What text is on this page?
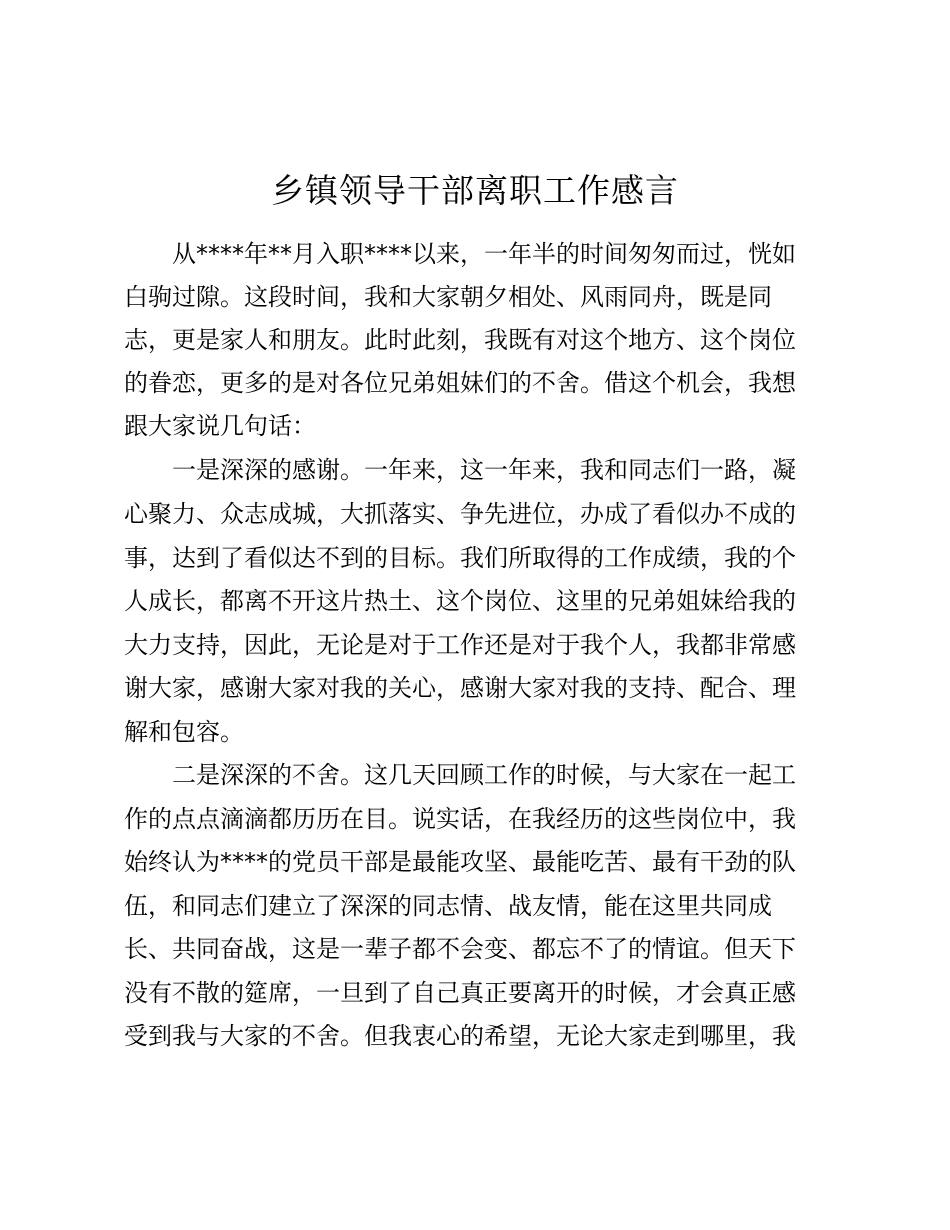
乡镇领导干部离职工作感言
从****年**月入职****以来，一年半的时间匆匆而过，恍如
白驹过隙。这段时间，我和大家朝夕相处、风雨同舟，既是同
志，更是家人和朋友。此时此刻，我既有对这个地方、这个岗位
的眷恋，更多的是对各位兄弟姐妹们的不舍。借这个机会，我想
跟大家说几句话：
一是深深的感谢。一年来，这一年来，我和同志们一路，凝
心聚力、众志成城，大抓落实、争先进位，办成了看似办不成的
事，达到了看似达不到的目标。我们所取得的工作成绩，我的个
人成长，都离不开这片热土、这个岗位、这里的兄弟姐妹给我的
大力支持，因此，无论是对于工作还是对于我个人，我都非常感
谢大家，感谢大家对我的关心，感谢大家对我的支持、配合、理
解和包容。
二是深深的不舍。这几天回顾工作的时候，与大家在一起工
作的点点滴滴都历历在目。说实话，在我经历的这些岗位中，我
始终认为****的党员干部是最能攻坚、最能吃苦、最有干劲的队
伍，和同志们建立了深深的同志情、战友情，能在这里共同成
长、共同奋战，这是一辈子都不会变、都忘不了的情谊。但天下
没有不散的筵席，一旦到了自己真正要离开的时候，才会真正感
受到我与大家的不舍。但我衷心的希望，无论大家走到哪里，我
